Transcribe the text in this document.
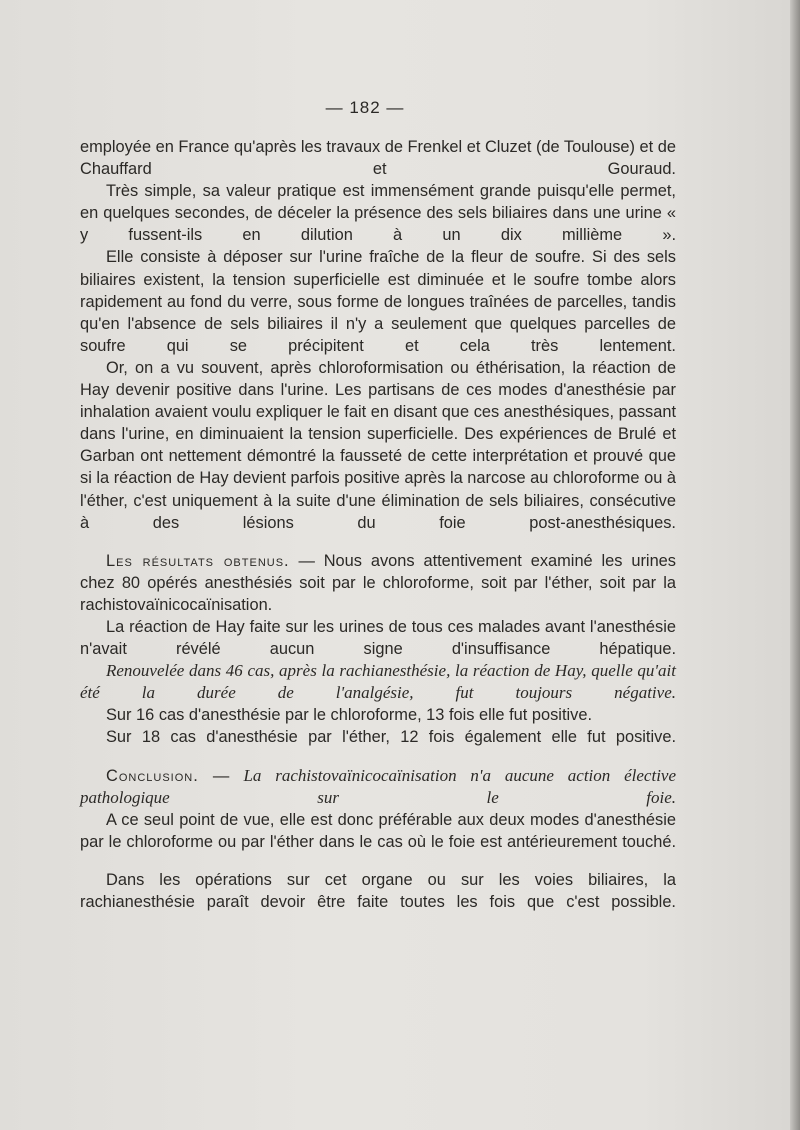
— 182 —

employée en France qu'après les travaux de Frenkel et Cluzet (de Toulouse) et de Chauffard et Gouraud.

Très simple, sa valeur pratique est immensément grande puisqu'elle permet, en quelques secondes, de déceler la présence des sels biliaires dans une urine « y fussent-ils en dilution à un dix millième ».

Elle consiste à déposer sur l'urine fraîche de la fleur de soufre. Si des sels biliaires existent, la tension superficielle est diminuée et le soufre tombe alors rapidement au fond du verre, sous forme de longues traînées de parcelles, tandis qu'en l'absence de sels biliaires il n'y a seulement que quelques parcelles de soufre qui se précipitent et cela très lentement.

Or, on a vu souvent, après chloroformisation ou éthérisation, la réaction de Hay devenir positive dans l'urine. Les partisans de ces modes d'anesthésie par inhalation avaient voulu expliquer le fait en disant que ces anesthésiques, passant dans l'urine, en diminuaient la tension superficielle. Des expériences de Brulé et Garban ont nettement démontré la fausseté de cette interprétation et prouvé que si la réaction de Hay devient parfois positive après la narcose au chloroforme ou à l'éther, c'est uniquement à la suite d'une élimination de sels biliaires, consécutive à des lésions du foie post-anesthésiques.

Les résultats obtenus. — Nous avons attentivement examiné les urines chez 80 opérés anesthésiés soit par le chloroforme, soit par l'éther, soit par la rachistovaïnicocaïnisation.

La réaction de Hay faite sur les urines de tous ces malades avant l'anesthésie n'avait révélé aucun signe d'insuffisance hépatique.

Renouvelée dans 46 cas, après la rachianesthésie, la réaction de Hay, quelle qu'ait été la durée de l'analgésie, fut toujours négative.

Sur 16 cas d'anesthésie par le chloroforme, 13 fois elle fut positive.

Sur 18 cas d'anesthésie par l'éther, 12 fois également elle fut positive.

Conclusion. — La rachistovaïnicocaïnisation n'a aucune action élective pathologique sur le foie.

A ce seul point de vue, elle est donc préférable aux deux modes d'anesthésie par le chloroforme ou par l'éther dans le cas où le foie est antérieurement touché.

Dans les opérations sur cet organe ou sur les voies biliaires, la rachianesthésie paraît devoir être faite toutes les fois que c'est possible.
